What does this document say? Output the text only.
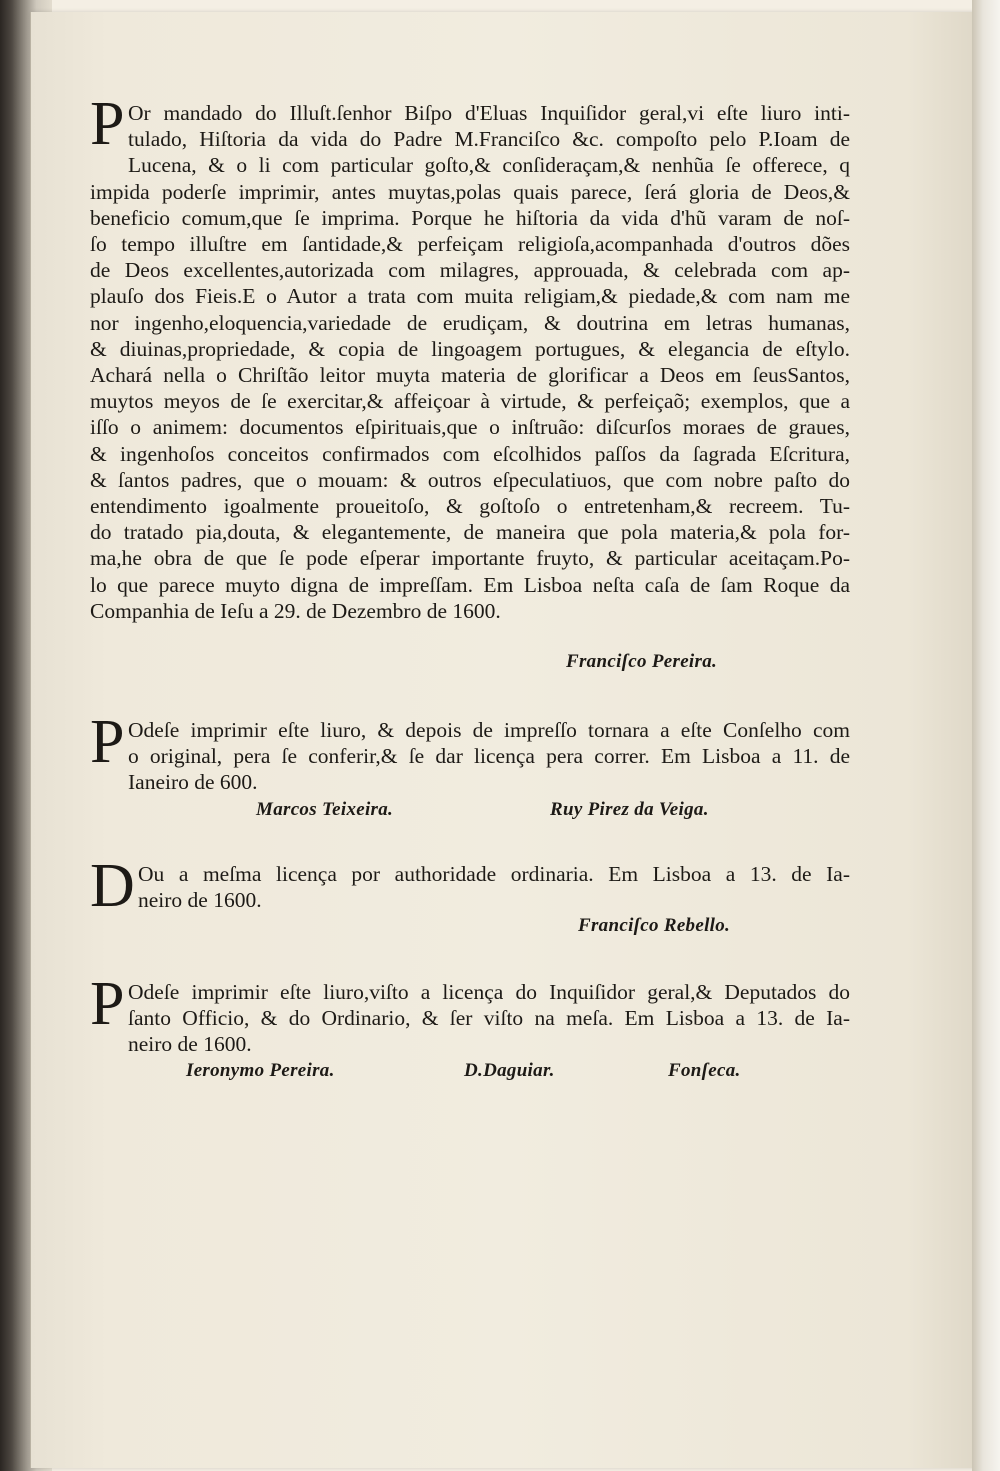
P Or mandado do Illuſt.ſenhor Biſpo d'Eluas Inquiſidor geral,vi eſte liuro inti-
tulado, Hiſtoria da vida do Padre M.Franciſco &c. compoſto pelo P.Ioam de
Lucena, & o li com particular goſto,& conſideraçam,& nenhũa ſe offerece, q
impida poderſe imprimir, antes muytas,polas quais parece, ſerá gloria de Deos,&
beneficio comum,que ſe imprima. Porque he hiſtoria da vida d'hũ varam de noſ-
ſo tempo illuſtre em ſantidade,& perfeiçam religioſa,acompanhada d'outros dões
de Deos excellentes,autorizada com milagres, approuada, & celebrada com ap-
plauſo dos Fieis.E o Autor a trata com muita religiam,& piedade,& com nam me
nor ingenho,eloquencia,variedade de erudiçam, & doutrina em letras humanas,
& diuinas,propriedade, & copia de lingoagem portugues, & elegancia de eſtylo.
Achará nella o Chriſtão leitor muyta materia de glorificar a Deos em ſeusSantos,
muytos meyos de ſe exercitar,& affeiçoar à virtude, & perfeiçaõ; exemplos, que a
iſſo o animem: documentos eſpirituais,que o inſtruão: diſcurſos moraes de graues,
& ingenhoſos conceitos confirmados com eſcolhidos paſſos da ſagrada Eſcritura,
& ſantos padres, que o mouam: & outros eſpeculatiuos, que com nobre paſto do
entendimento igoalmente proueitoſo, & goſtoſo o entretenham,& recreem. Tu-
do tratado pia,douta, & elegantemente, de maneira que pola materia,& pola for-
ma,he obra de que ſe pode eſperar importante fruyto, & particular aceitaçam.Po-
lo que parece muyto digna de impreſſam. Em Lisboa neſta caſa de ſam Roque da
Companhia de Ieſu a 29. de Dezembro de 1600.
Franciſco Pereira.
P Odeſe imprimir eſte liuro, & depois de impreſſo tornara a eſte Conſelho com
o original, pera ſe conferir,& ſe dar licença pera correr. Em Lisboa a 11. de
Ianeiro de 600.
Marcos Teixeira.	Ruy Pirez da Veiga.
D Ou a meſma licença por authoridade ordinaria. Em Lisboa a 13. de Ia-
neiro de 1600.
Franciſco Rebello.
P Odeſe imprimir eſte liuro,viſto a licença do Inquiſidor geral,& Deputados do
ſanto Officio, & do Ordinario, & ſer viſto na meſa. Em Lisboa a 13. de Ia-
neiro de 1600.
Ieronymo Pereira.	D.Daguiar.	Fonſeca.
